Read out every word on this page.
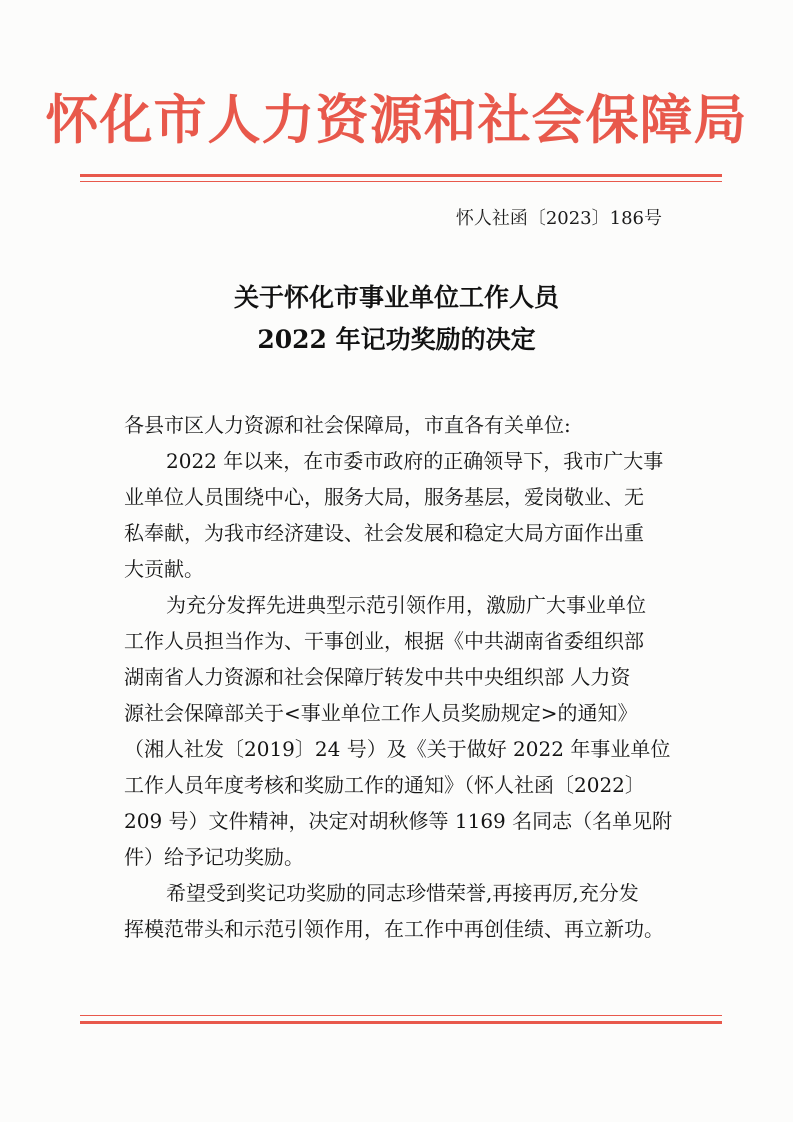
怀化市人力资源和社会保障局
怀人社函〔2023〕186号
关于怀化市事业单位工作人员
2022 年记功奖励的决定
各县市区人力资源和社会保障局，市直各有关单位:
2022 年以来，在市委市政府的正确领导下，我市广大事
业单位人员围绕中心，服务大局，服务基层，爱岗敬业、无
私奉献，为我市经济建设、社会发展和稳定大局方面作出重
大贡献。
为充分发挥先进典型示范引领作用，激励广大事业单位
工作人员担当作为、干事创业，根据《中共湖南省委组织部
湖南省人力资源和社会保障厅转发中共中央组织部 人力资
源社会保障部关于<事业单位工作人员奖励规定>的通知》
（湘人社发〔2019〕24 号）及《关于做好 2022 年事业单位
工作人员年度考核和奖励工作的通知》（怀人社函〔2022〕
209 号）文件精神，决定对胡秋修等 1169 名同志（名单见附
件）给予记功奖励。
希望受到奖记功奖励的同志珍惜荣誉,再接再厉,充分发
挥模范带头和示范引领作用，在工作中再创佳绩、再立新功。
